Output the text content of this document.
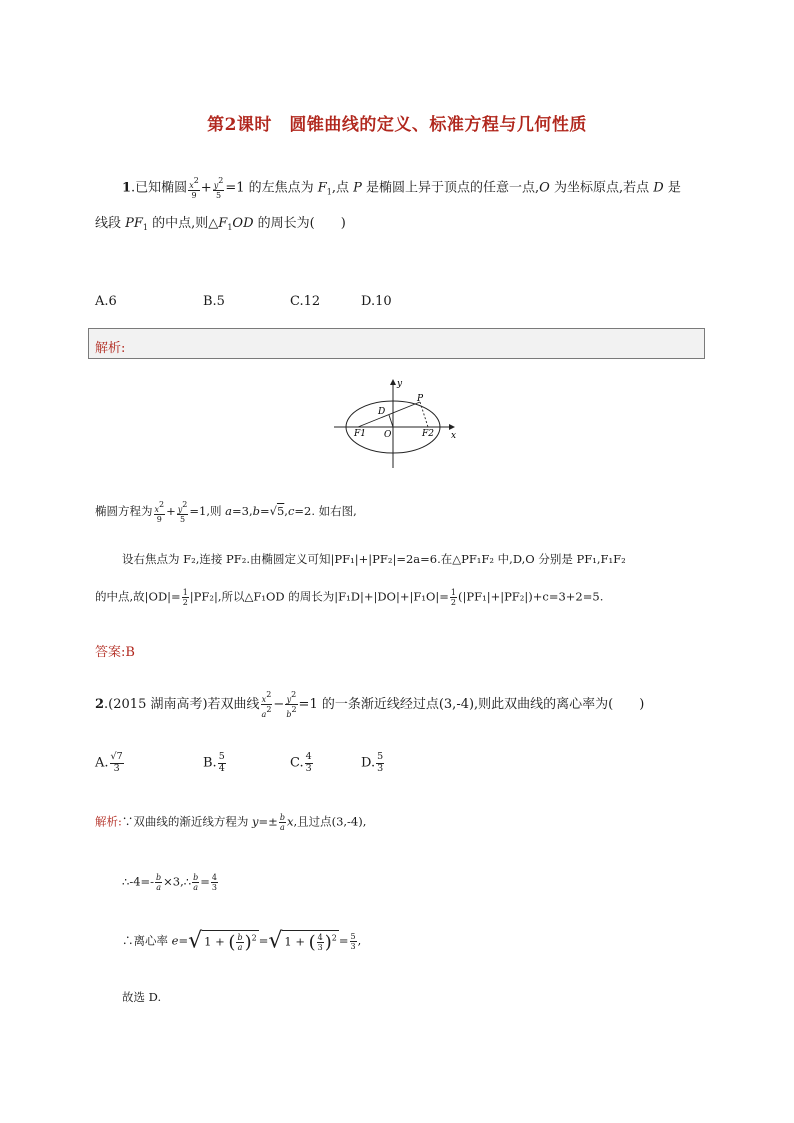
第2课时　圆锥曲线的定义、标准方程与几何性质
1.已知椭圆 $\frac{x^2}{9} + \frac{y^2}{5} =1$ 的左焦点为 $F_1$,点 P 是椭圆上异于顶点的任意一点,O 为坐标原点,若点 D 是
线段 $PF_1$ 的中点,则$\triangle F_1OD$ 的周长为(　　)
A.6	B.5	C.12	D.10
解析:
y
x
P
D
O
F1	F2
椭圆方程为 $\frac{x^2}{9} + \frac{y^2}{5} =1$,则 a=3,b=√5,c=2. 如右图,
设右焦点为 F₂,连接 PF₂.由椭圆定义可知|PF₁|+|PF₂|=2a=6.在△PF₁F₂ 中,D,O 分别是 PF₁,F₁F₂
的中点,故$|OD|= \frac{1}{2} |PF_2|$,所以△F₁OD 的周长为$|F_1D|+|DO|+|F_1O|= \frac{1}{2} (|PF_1|+|PF_2|)+c=3+2=5$.
答案:B
2.(2015 湖南高考)若双曲线 $\frac{x^2}{a^2} - \frac{y^2}{b^2} =1$ 的一条渐近线经过点(3,-4),则此双曲线的离心率为(　　)
A. $\frac{√7}{3}$	B. $\frac{5}{4}$	C. $\frac{4}{3}$	D. $\frac{5}{3}$
解析:∵双曲线的渐近线方程为 $y=\pm \frac{b}{a} x$,且过点(3,-4),
∴-4=- $\frac{b}{a}$ ×3,∴ $\frac{b}{a} = \frac{4}{3}$
∴离心率 e=√ 1 + ( $\frac{b}{a} )^2$ =√ 1 + ( $\frac{4}{3} )^2 = \frac{5}{3}$ ,
故选 D.
